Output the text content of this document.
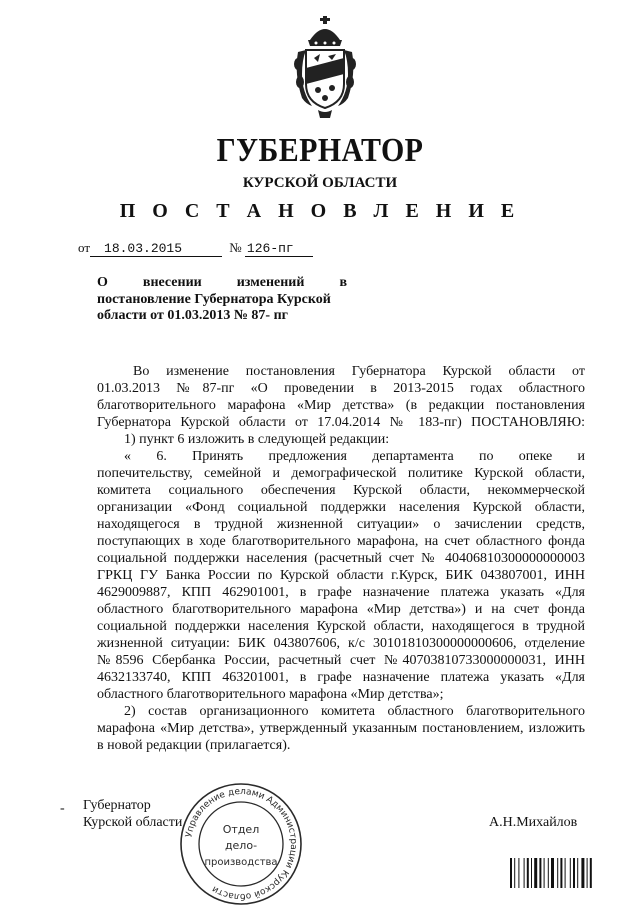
ГУБЕРНАТОР
КУРСКОЙ ОБЛАСТИ
П О С Т А Н О В Л Е Н И Е
от 18.03.2015	№ 126-пг
О внесении изменений в
постановление Губернатора Курской
области от 01.03.2013 № 87- пг

Во изменение постановления Губернатора Курской области от

01.03.2013 №87-пг «О проведении в 2013-2015 годах областного

благотворительного марафона «Мир детства» (в редакции постановления

Губернатора Курской области от 17.04.2014 № 183-пг) ПОСТАНОВЛЯЮ:

1) пункт 6 изложить в следующей редакции:

« 6. Принять предложения департамента по опеке и

попечительству, семейной и демографической политике Курской области, комитета социального обеспечения Курской области, некоммерческой организации «Фонд социальной поддержки населения Курской области, находящегося в трудной жизненной ситуации» о зачислении средств, поступающих в ходе благотворительного марафона, на счет областного фонда социальной поддержки населения (расчетный счет № 40406810300000000003 ГРКЦ ГУ Банка России по Курской области г.Курск, БИК 043807001, ИНН 4629009887, КПП 462901001, в графе назначение платежа указать «Для областного благотворительного марафона «Мир детства») и на счет фонда социальной поддержки населения Курской области, находящегося в трудной жизненной ситуации: БИК 043807606, к/с 30101810300000000606, отделение №8596 Сбербанка России, расчетный счет №40703810733000000031, ИНН 4632133740, КПП 463201001, в графе назначение платежа указать «Для областного благотворительного марафона «Мир детства»;

2) состав организационного комитета областного благотворительного марафона «Мир детства», утвержденный указанным постановлением, изложить в новой редакции (прилагается).

- Губернатор
Курской области	А.Н.Михайлов
Управление делами Администрации Курской области
Отдел
дело-
производства
